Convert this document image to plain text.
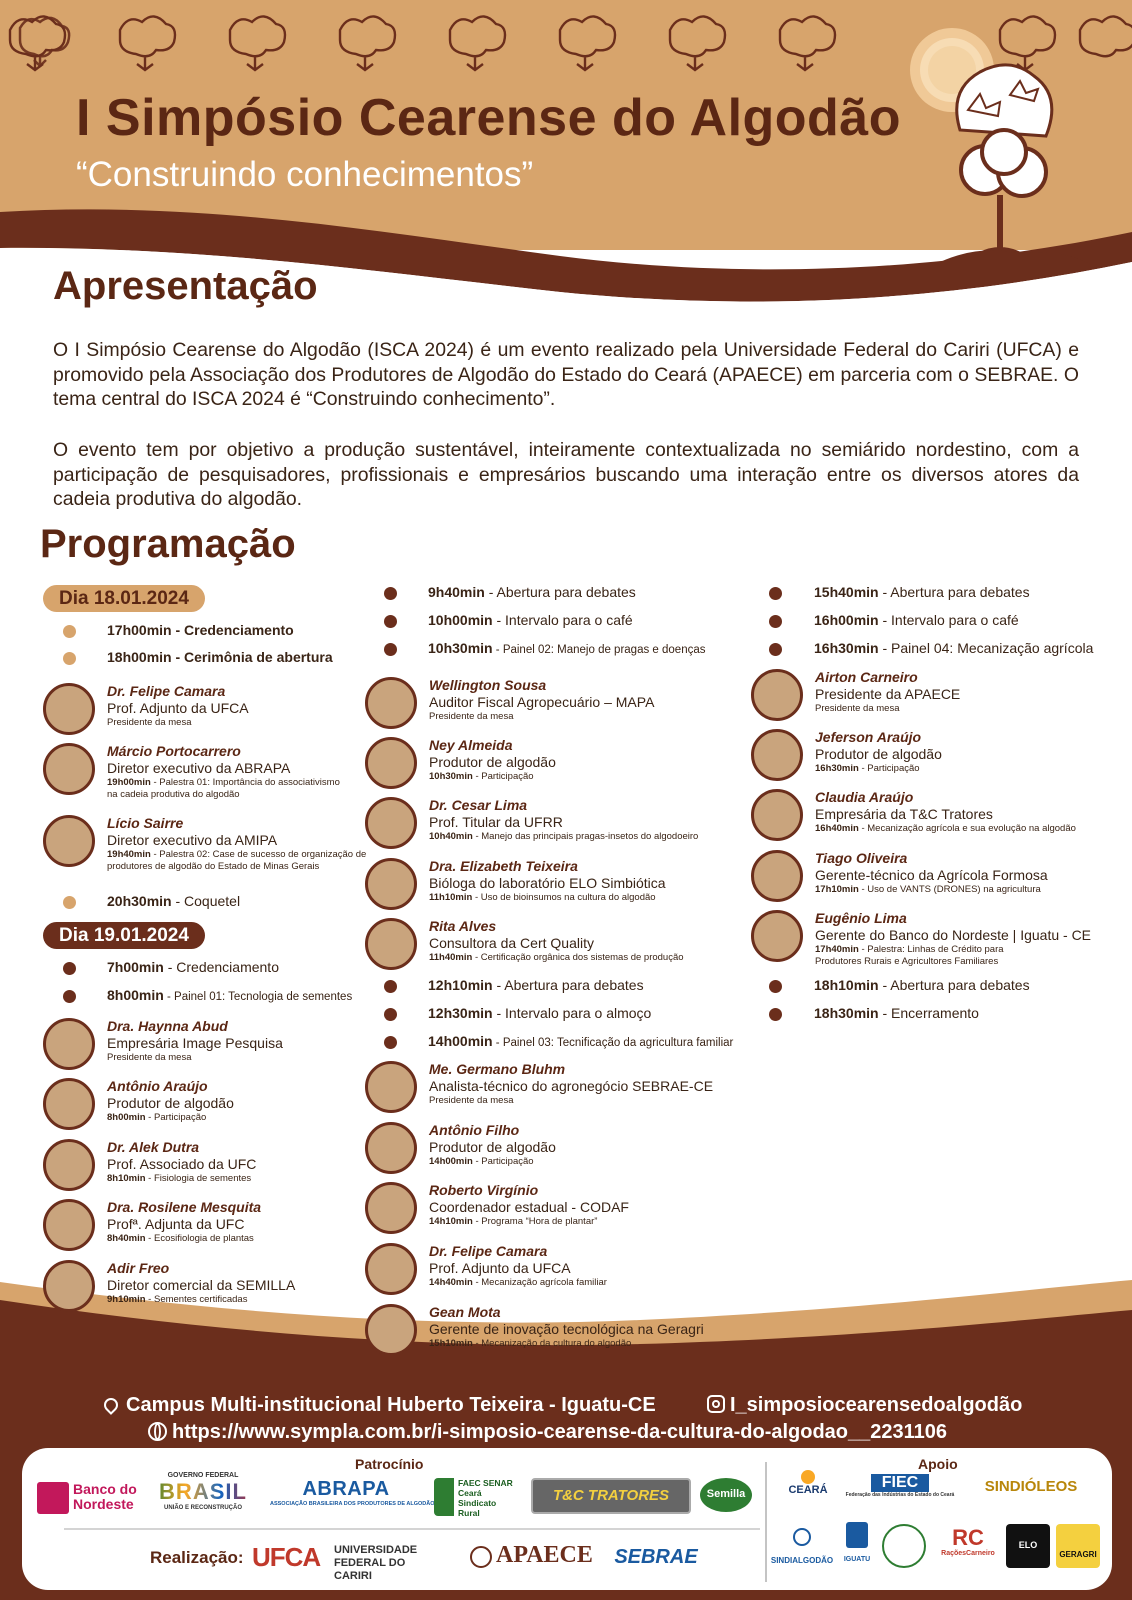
I Simpósio Cearense do Algodão
“Construindo conhecimentos”
Apresentação
O I Simpósio Cearense do Algodão (ISCA 2024) é um evento realizado pela Universidade Federal do Cariri (UFCA) e promovido pela Associação dos Produtores de Algodão do Estado do Ceará (APAECE) em parceria com o SEBRAE. O tema central do ISCA 2024 é “Construindo conhecimento”.
O evento tem por objetivo a produção sustentável, inteiramente contextualizada no semiárido nordestino, com a participação de pesquisadores, profissionais e empresários buscando uma interação entre os diversos atores da cadeia produtiva do algodão.
Programação
Dia 18.01.2024
Dia 19.01.2024
17h00min - Credenciamento
18h00min - Cerimônia de abertura
20h30min - Coquetel
7h00min - Credenciamento
8h00min - Painel 01: Tecnologia de sementes
9h40min - Abertura para debates
10h00min - Intervalo para o café
10h30min - Painel 02: Manejo de pragas e doenças
12h10min - Abertura para debates
12h30min - Intervalo para o almoço
14h00min - Painel 03: Tecnificação da agricultura familiar
15h40min - Abertura para debates
16h00min - Intervalo para o café
16h30min - Painel 04: Mecanização agrícola
18h10min - Abertura para debates
18h30min - Encerramento
Dr. Felipe Camara
Prof. Adjunto da UFCA
Presidente da mesa

Márcio Portocarrero
Diretor executivo da ABRAPA
19h00min - Palestra 01: Importância do associativismo
na cadeia produtiva do algodão
Lício Sairre
Diretor executivo da AMIPA
19h40min - Palestra 02: Case de sucesso de organização de
produtores de algodão do Estado de Minas Gerais
Dra. Haynna Abud
Empresária Image Pesquisa
Presidente da mesa
Antônio Araújo
Produtor de algodão
8h00min - Participação
Dr. Alek Dutra
Prof. Associado da UFC
8h10min - Fisiologia de sementes
Dra. Rosilene Mesquita
Profª. Adjunta da UFC
8h40min - Ecosifiologia de plantas
Adir Freo
Diretor comercial da SEMILLA
9h10min - Sementes certificadas
Wellington Sousa
Auditor Fiscal Agropecuário – MAPA
Presidente da mesa
Ney Almeida
Produtor de algodão
10h30min - Participação
Dr. Cesar Lima
Prof. Titular da UFRR
10h40min - Manejo das principais pragas-insetos do algodoeiro
Dra. Elizabeth Teixeira
Bióloga do laboratório ELO Simbiótica
11h10min - Uso de bioinsumos na cultura do algodão
Rita Alves
Consultora da Cert Quality
11h40min - Certificação orgânica dos sistemas de produção
Me. Germano Bluhm
Analista-técnico do agronegócio SEBRAE-CE
Presidente da mesa
Antônio Filho
Produtor de algodão
14h00min - Participação
Roberto Virgínio
Coordenador estadual - CODAF
14h10min - Programa “Hora de plantar”
Dr. Felipe Camara
Prof. Adjunto da UFCA
14h40min - Mecanização agrícola familiar
Gean Mota
Gerente de inovação tecnológica na Geragri
15h10min - Mecanização da cultura do algodão
Airton Carneiro
Presidente da APAECE
Presidente da mesa
Jeferson Araújo
Produtor de algodão
16h30min - Participação
Claudia Araújo
Empresária da T&C Tratores
16h40min - Mecanização agrícola e sua evolução na algodão
Tiago Oliveira
Gerente-técnico da Agrícola Formosa
17h10min - Uso de VANTS (DRONES) na agricultura
Eugênio Lima
Gerente do Banco do Nordeste | Iguatu - CE
17h40min - Palestra: Linhas de Crédito para
Produtores Rurais e Agricultores Familiares
Campus Multi-institucional Huberto Teixeira - Iguatu-CE	I_simposiocearensedoalgodão
https://www.sympla.com.br/i-simposio-cearense-da-cultura-do-algodao__2231106
Patrocínio	Apoio
Realização:
Banco do Nordeste
GOVERNO FEDERAL
BRASIL
UNIÃO E RECONSTRUÇÃO
ABRAPA
ASSOCIAÇÃO BRASILEIRA DOS PRODUTORES DE ALGODÃO
FAEC SENAR Ceará Sindicato Rural
T&C TRATORES	Semilla	CEARÁ	FIEC
Federação das Indústrias do Estado do Ceará	SINDIÓLEOS
SINDIALGODÃO	IGUATU
RC
RaçõesCarneiro
ELO
GERAGRI
UFCA UNIVERSIDADE FEDERAL DO CARIRI
APAECE SEBRAE
